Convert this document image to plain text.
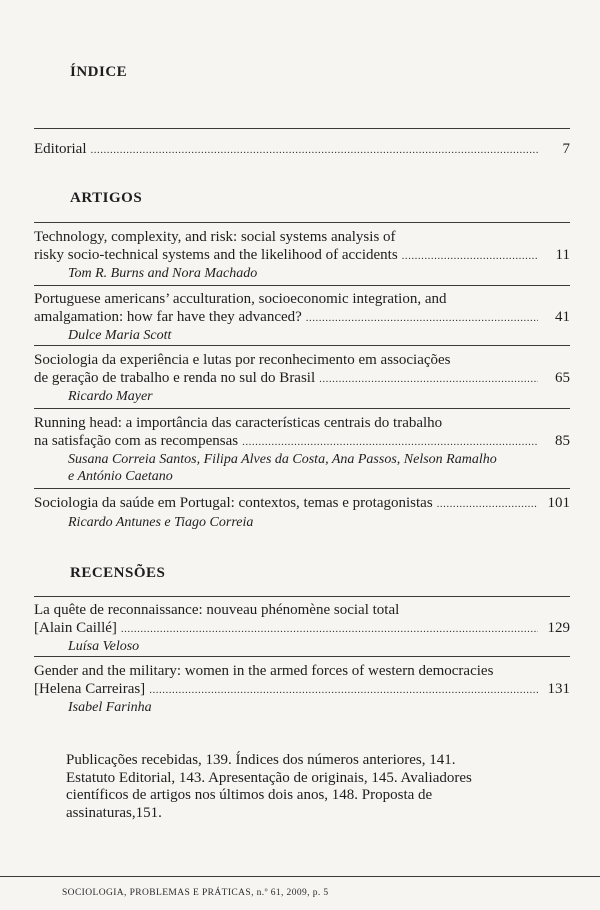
ÍNDICE
Editorial .....	7
ARTIGOS
Technology, complexity, and risk: social systems analysis of
risky socio-technical systems and the likelihood of accidents .....	11
Tom R. Burns and Nora Machado
Portuguese americans’ acculturation, socioeconomic integration, and
amalgamation: how far have they advanced? .....	41
Dulce Maria Scott
Sociologia da experiência e lutas por reconhecimento em associações
de geração de trabalho e renda no sul do Brasil .....	65
Ricardo Mayer
Running head: a importância das características centrais do trabalho
na satisfação com as recompensas .....	85
Susana Correia Santos, Filipa Alves da Costa, Ana Passos, Nelson Ramalho
e António Caetano
Sociologia da saúde em Portugal: contextos, temas e protagonistas .....	101
Ricardo Antunes e Tiago Correia
RECENSÕES
La quête de reconnaissance: nouveau phénomène social total
[Alain Caillé] .....	129
Luísa Veloso
Gender and the military: women in the armed forces of western democracies
[Helena Carreiras] .....	131
Isabel Farinha
Publicações recebidas, 139. Índices dos números anteriores, 141.
Estatuto Editorial, 143. Apresentação de originais, 145. Avaliadores
científicos de artigos nos últimos dois anos, 148. Proposta de
assinaturas,151.
SOCIOLOGIA, PROBLEMAS E PRÁTICAS, n.º 61, 2009, p. 5
